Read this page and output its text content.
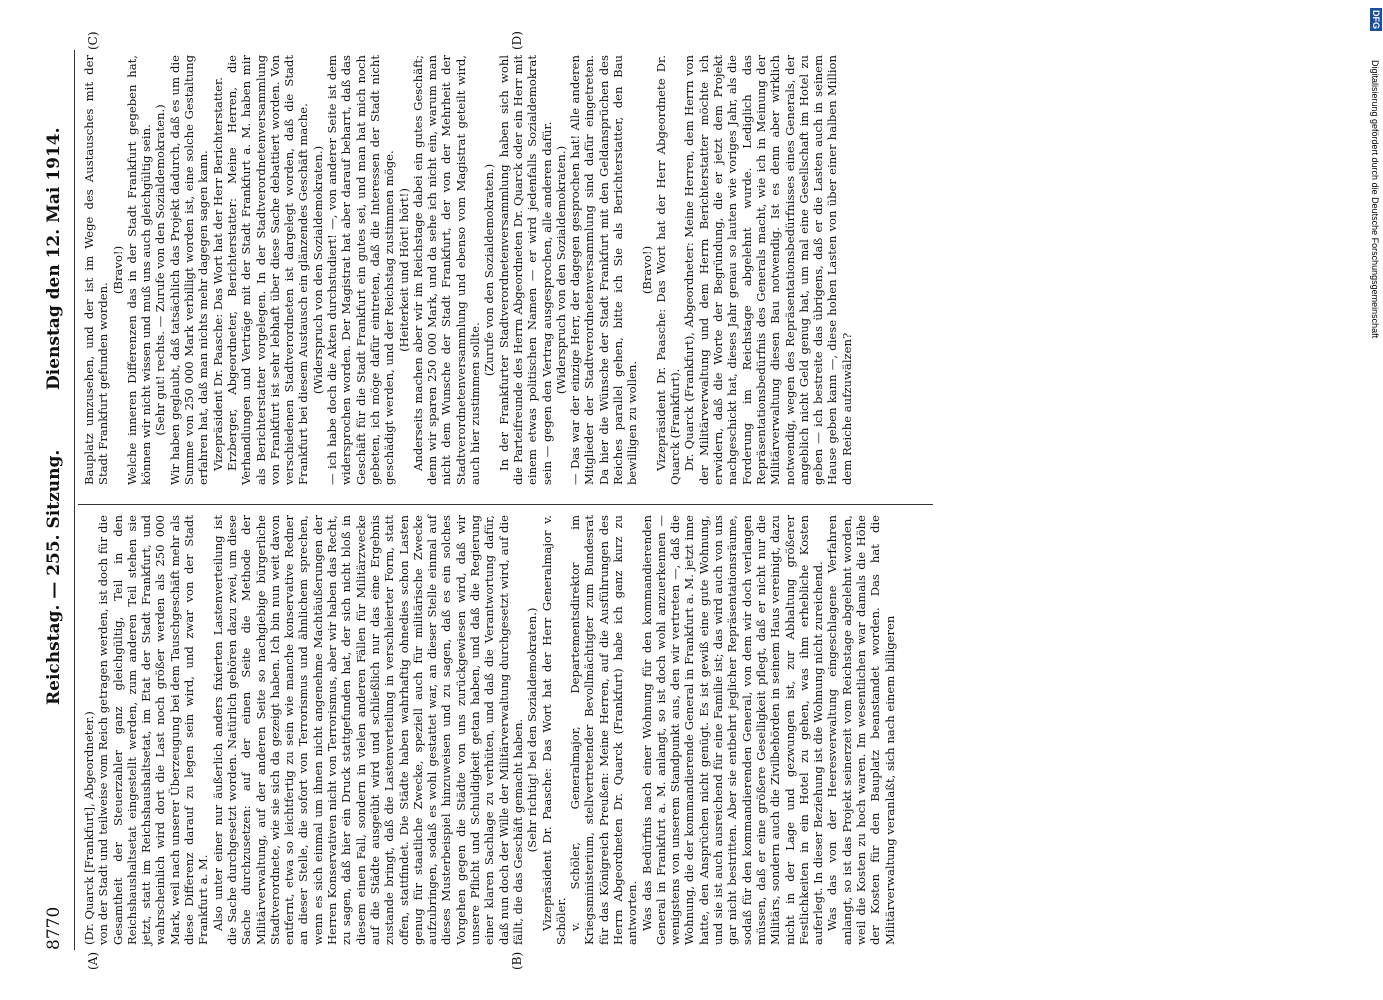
8770
Reichstag. — 255. Sitzung.
Dienstag den 12. Mai 1914.
(A)	(B)
(C)	(D)

(Dr. Quarck [Frankfurt], Abgeordneter.) von der Stadt und teilweise vom Reich getragen werden, ist doch für die Gesamtheit der Steuerzahler ganz gleichgültig, Teil in den Reichshaushaltsetat eingestellt werden, zum anderen Teil stehen sie jetzt, statt im Reichshaushaltsetat, im Etat der Stadt Frankfurt, und wahrscheinlich wird dort die Last noch größer werden als 250 000 Mark, weil nach unserer Überzeugung bei dem Tauschgeschäft mehr als diese Differenz darauf zu legen sein wird, und zwar von der Stadt Frankfurt a. M. Also unter einer nur äußerlich anders fixierten Lastenverteilung ist die Sache durchgesetzt worden. Natürlich gehören dazu zwei, um diese Sache durchzusetzen: auf der einen Seite die Methode der Militärverwaltung, auf der anderen Seite so nachgiebige bürgerliche Stadtverordnete, wie sie sich da gezeigt haben. Ich bin nun weit davon entfernt, etwa so leichtfertig zu sein wie manche konservative Redner an dieser Stelle, die sofort von Terrorismus und ähnlichem sprechen, wenn es sich einmal um ihnen nicht angenehme Machtäußerungen der Herren Konservativen nicht von Terrorismus, aber wir haben das Recht, zu sagen, daß hier ein Druck stattgefunden hat, der sich nicht bloß in diesem einen Fall, sondern in vielen anderen Fällen für Militärzwecke auf die Städte ausgeübt wird und schließlich nur das eine Ergebnis zustande bringt, daß die Lastenverteilung in verschleierter Form, statt offen, stattfindet. Die Städte haben wahrhaftig ohnedies schon Lasten genug für staatliche Zwecke, speziell auch für militärische Zwecke aufzubringen, sodaß es wohl gestattet war, an dieser Stelle einmal auf dieses Musterbeispiel hinzuweisen und zu sagen, daß es ein solches Vorgehen gegen die Städte von uns zurückgewiesen wird, daß wir unsere Pflicht und Schuldigkeit getan haben, und daß die Regierung einer klaren Sachlage zu verhüten, und daß die Verantwortung dafür, daß nun doch der Wille der Militärverwaltung durchgesetzt wird, auf die fällt, die das Geschäft gemacht haben. (Sehr richtig! bei den Sozialdemokraten.) Vizepräsident Dr. Paasche: Das Wort hat der Herr Generalmajor v. Schöler. v. Schöler, Generalmajor, Departementsdirektor im Kriegsministerium, stellvertretender Bevollmächtigter zum Bundesrat für das Königreich Preußen: Meine Herren, auf die Ausführungen des Herrn Abgeordneten Dr. Quarck (Frankfurt) habe ich ganz kurz zu antworten. Was das Bedürfnis nach einer Wohnung für den kommandierenden General in Frankfurt a. M. anlangt, so ist doch wohl anzuerkennen — wenigstens von unserem Standpunkt aus, den wir vertreten —, daß die Wohnung, die der kommandierende General in Frankfurt a. M. jetzt inne hatte, den Ansprüchen nicht genügt. Es ist gewiß eine gute Wohnung, und sie ist auch ausreichend für eine Familie ist; das wird auch von uns gar nicht bestritten. Aber sie entbehrt jeglicher Repräsentationsräume, sodaß für den kommandierenden General, von dem wir doch verlangen müssen, daß er eine größere Geselligkeit pflegt, daß er nicht nur die Militärs, sondern auch die Zivilbehörden in seinem Haus vereinigt, dazu nicht in der Lage und gezwungen ist, zur Abhaltung größerer Festlichkeiten in ein Hotel zu gehen, was ihm erhebliche Kosten auferlegt. In dieser Beziehung ist die Wohnung nicht zureichend. Was das von der Heeresverwaltung eingeschlagene Verfahren anlangt, so ist das Projekt seinerzeit vom Reichstage abgelehnt worden, weil die Kosten zu hoch waren. Im wesentlichen war damals die Höhe der Kosten für den Bauplatz beanstandet worden. Das hat die Militärverwaltung veranlaßt, sich nach einem billigeren

Bauplatz umzusehen, und der ist im Wege des Austausches mit der Stadt Frankfurt gefunden worden.

(Bravo!) Welche inneren Differenzen das in der Stadt Frankfurt gegeben hat, können wir nicht wissen und muß uns auch gleichgültig sein. (Sehr gut! rechts. — Zurufe von den Sozialdemokraten.) Wir haben geglaubt, daß tatsächlich das Projekt dadurch, daß es um die Summe von 250 000 Mark verbilligt worden ist, eine solche Gestaltung erfahren hat, daß man nichts mehr dagegen sagen kann. Vizepräsident Dr. Paasche: Das Wort hat der Herr Berichterstatter. Erzberger, Abgeordneter, Berichterstatter: Meine Herren, die Verhandlungen und Verträge mit der Stadt Frankfurt a. M. haben mir als Berichterstatter vorgelegen. In der Stadtverordnetenversammlung von Frankfurt ist sehr lebhaft über diese Sache debattiert worden. Von verschiedenen Stadtverordneten ist dargelegt worden, daß die Stadt Frankfurt bei diesem Austausch ein glänzendes Geschäft mache. (Widerspruch von den Sozialdemokraten.) — ich habe doch die Akten durchstudiert! —, von anderer Seite ist dem widersprochen worden. Der Magistrat hat aber darauf beharrt, daß das Geschäft für die Stadt Frankfurt ein gutes sei, und man hat mich noch gebeten, ich möge dafür eintreten, daß die Interessen der Stadt nicht geschädigt werden, und der Reichstag zustimmen möge. (Heiterkeit und Hört! hört!) Anderseits machen aber wir im Reichstage dabei ein gutes Geschäft; denn wir sparen 250 000 Mark, und da sehe ich nicht ein, warum man nicht dem Wunsche der Stadt Frankfurt, der von der Mehrheit der Stadtverordnetenversammlung und ebenso vom Magistrat geteilt wird, auch hier zustimmen sollte.

(Zurufe von den Sozialdemokraten.) In der Frankfurter Stadtverordnetenversammlung haben sich wohl die Parteifreunde des Herrn Abgeordneten Dr. Quarck oder ein Herr mit einem etwas politischen Namen — er wird jedenfalls Sozialdemokrat sein — gegen den Vertrag ausgesprochen, alle anderen dafür. (Widerspruch von den Sozialdemokraten.) — Das war der einzige Herr, der dagegen gesprochen hat! Alle anderen Mitglieder der Stadtverordnetenversammlung sind dafür eingetreten. Da hier die Wünsche der Stadt Frankfurt mit den Geldansprüchen des Reiches parallel gehen, bitte ich Sie als Berichterstatter, den Bau bewilligen zu wollen.

(Bravo!) Vizepräsident Dr. Paasche: Das Wort hat der Herr Abgeordnete Dr. Quarck (Frankfurt). Dr. Quarck (Frankfurt), Abgeordneter: Meine Herren, dem Herrn von der Militärverwaltung und dem Herrn Berichterstatter möchte ich erwidern, daß die Worte der Begründung, die er jetzt dem Projekt nachgeschickt hat, dieses Jahr genau so lauten wie voriges Jahr, als die Forderung im Reichstage abgelehnt wurde. Lediglich das Repräsentationsbedürfnis des Generals macht, wie ich in Meinung der Militärverwaltung diesen Bau notwendig. Ist es denn aber wirklich notwendig, wegen des Repräsentationsbedürfnisses eines Generals, der angeblich nicht Geld genug hat, um mal eine Gesellschaft im Hotel zu geben — ich bestreite das übrigens, daß er die Lasten auch in seinem Hause geben kann —, diese hohen Lasten von über einer halben Million dem Reiche aufzuwälzen?

DFG
Digitalisierung gefördert durch die Deutsche Forschungsgemeinschaft
